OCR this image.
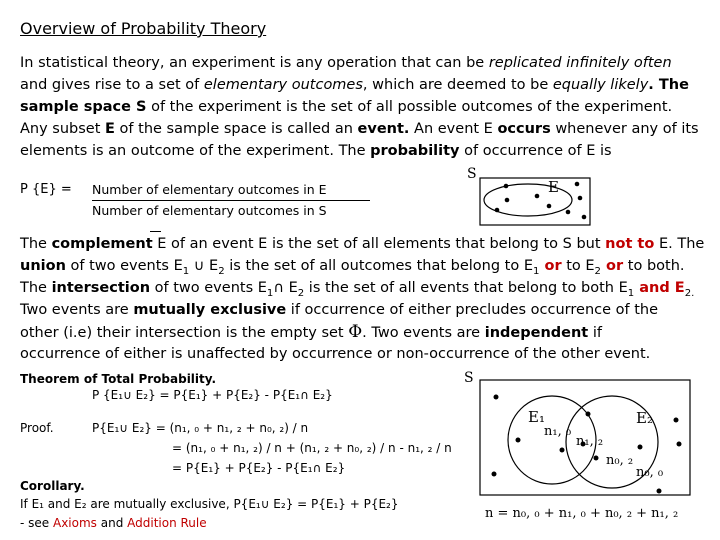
Overview of Probability Theory
In statistical theory, an experiment is any operation that can be replicated infinitely often
and gives rise to a set of elementary outcomes, which are deemed to be equally likely. The
sample space S of the experiment is the set of all possible outcomes of the experiment.
Any subset E of the sample space is called an event. An event E occurs whenever any of its
elements is an outcome of the experiment. The probability of occurrence of E is
P {E} = Number of elementary outcomes in E
Number of elementary outcomes in S
S
E
The complement E of an event E is the set of all elements that belong to S but not to E. The
union of two events $E_1$ ∪ $E_2$ is the set of all outcomes that belong to $E_1$ or to $E_2$ or to both.
The intersection of two events $E_1\cap$ $E_2$ is the set of all events that belong to both $E_1$ and $E_{2.}$
Two events are mutually exclusive if occurrence of either precludes occurrence of the
other (i.e) their intersection is the empty set Φ. Two events are independent if
occurrence of either is unaffected by occurrence or non-occurrence of the other event.
Theorem of Total Probability.
P {E₁∪ E₂} = P{E₁} + P{E₂} - P{E₁∩ E₂}
Proof.	P{E₁∪ E₂} = (n₁, ₀ + n₁, ₂ + n₀, ₂) / n
= (n₁, ₀ + n₁, ₂) / n + (n₁, ₂ + n₀, ₂) / n - n₁, ₂ / n
= P{E₁} + P{E₂} - P{E₁∩ E₂}
Corollary.
If E₁ and E₂ are mutually exclusive, P{E₁∪ E₂} = P{E₁} + P{E₂}
- see Axioms and Addition Rule
S
E₁	E₂
n₁, ₀
n₁, ₂
n₀, ₂
n₀, ₀
n = n₀, ₀ + n₁, ₀ + n₀, ₂ + n₁, ₂
